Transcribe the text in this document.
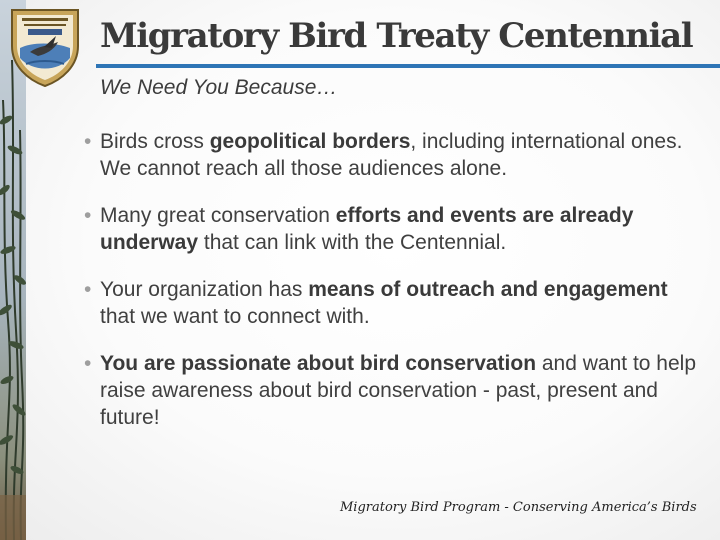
Migratory Bird Treaty Centennial
We Need You Because…
• Birds cross geopolitical borders, including international ones. We cannot reach all those audiences alone.
• Many great conservation efforts and events are already underway that can link with the Centennial.
• Your organization has means of outreach and engagement that we want to connect with.
• You are passionate about bird conservation and want to help raise awareness about bird conservation - past, present and future!
Migratory Bird Program - Conserving America’s Birds
